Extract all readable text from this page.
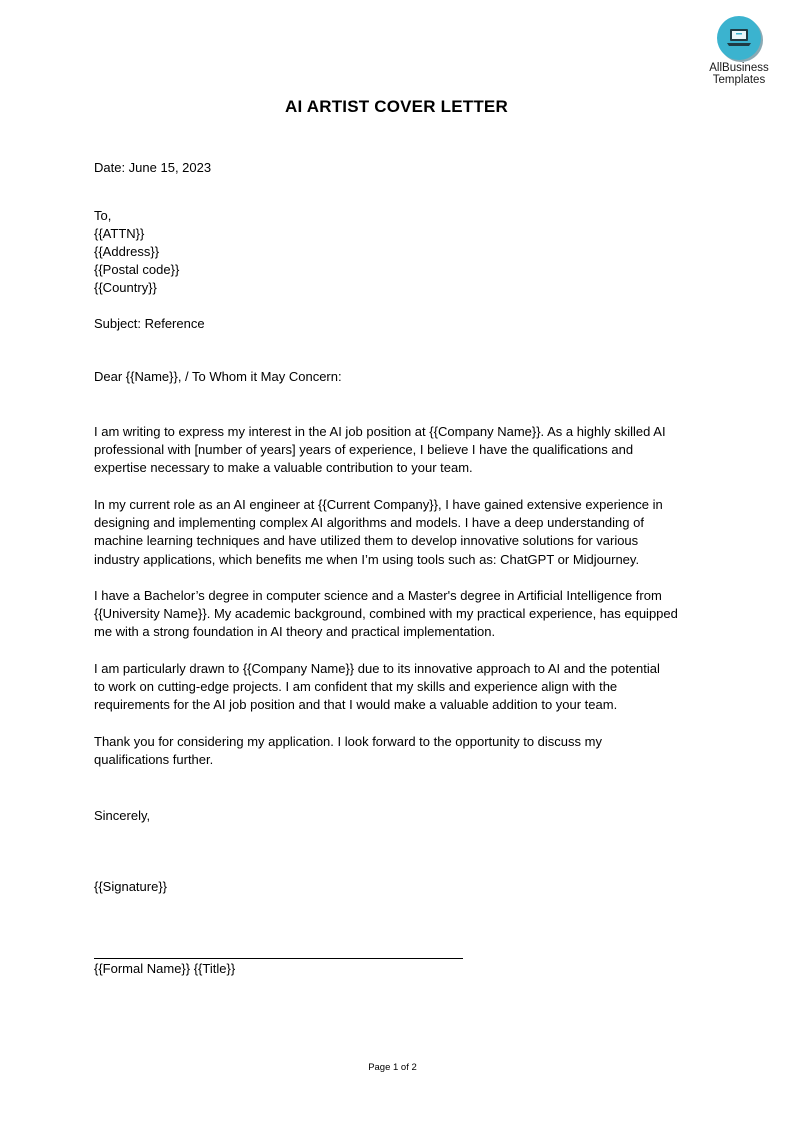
AllBusiness
Templates
AI ARTIST COVER LETTER
Date: June 15, 2023
To,
{{ATTN}}
{{Address}}
{{Postal code}}
{{Country}}
Subject: Reference
Dear {{Name}}, / To Whom it May Concern:

I am writing to express my interest in the AI job position at {{Company Name}}. As a highly skilled AI

professional with [number of years] years of experience, I believe I have the qualifications and

expertise necessary to make a valuable contribution to your team.

In my current role as an AI engineer at {{Current Company}}, I have gained extensive experience in

designing and implementing complex AI algorithms and models. I have a deep understanding of

machine learning techniques and have utilized them to develop innovative solutions for various

industry applications, which benefits me when I’m using tools such as: ChatGPT or Midjourney.

I have a Bachelor’s degree in computer science and a Master's degree in Artificial Intelligence from

{{University Name}}. My academic background, combined with my practical experience, has equipped

me with a strong foundation in AI theory and practical implementation.

I am particularly drawn to {{Company Name}} due to its innovative approach to AI and the potential

to work on cutting-edge projects. I am confident that my skills and experience align with the

requirements for the AI job position and that I would make a valuable addition to your team.

Thank you for considering my application. I look forward to the opportunity to discuss my

qualifications further.

Sincerely,
{{Signature}}
{{Formal Name}} {{Title}}
Page 1 of 2
